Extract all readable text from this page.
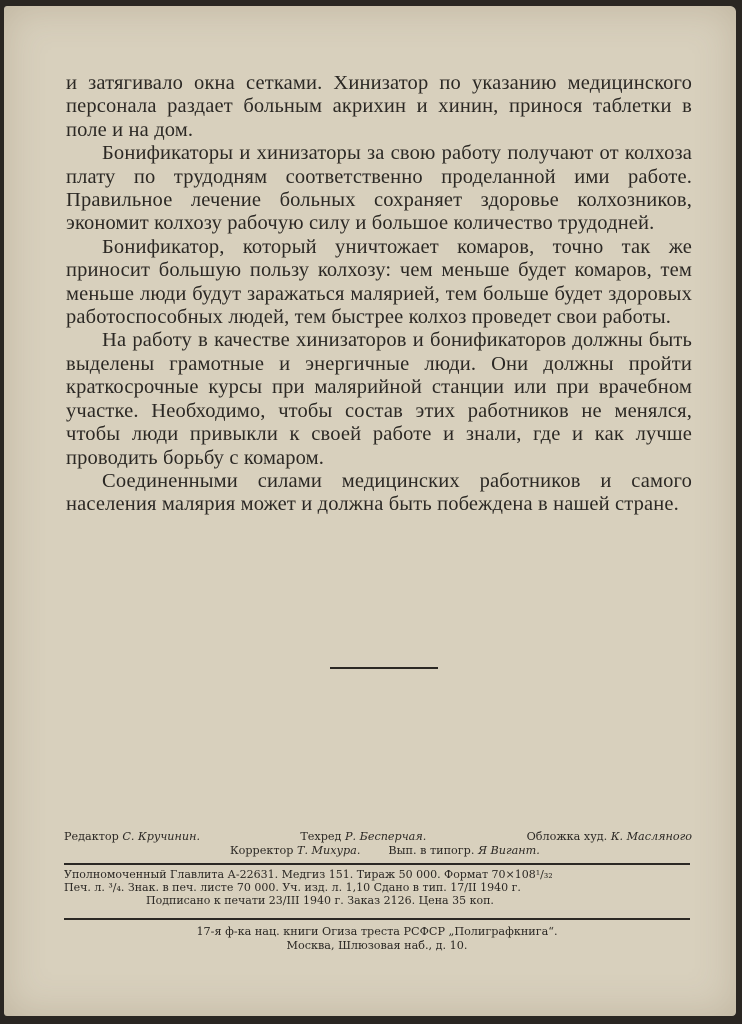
и затягивало окна сетками. Хинизатор по указанию медицинского персонала раздает больным акрихин и хинин, принося таблетки в поле и на дом.

Бонификаторы и хинизаторы за свою работу получают от колхоза плату по трудодням соответственно проделанной ими работе. Правильное лечение больных сохраняет здоровье колхозников, экономит колхозу рабочую силу и большое количество трудодней.

Бонификатор, который уничтожает комаров, точно так же приносит большую пользу колхозу: чем меньше будет комаров, тем меньше люди будут заражаться малярией, тем больше будет здоровых работоспособных людей, тем быстрее колхоз проведет свои работы.

На работу в качестве хинизаторов и бонификаторов должны быть выделены грамотные и энергичные люди. Они должны пройти краткосрочные курсы при малярийной станции или при врачебном участке. Необходимо, чтобы состав этих работников не менялся, чтобы люди привыкли к своей работе и знали, где и как лучше проводить борьбу с комаром.

Соединенными силами медицинских работников и самого населения малярия может и должна быть побеждена в нашей стране.

Редактор С. Кручинин.	Техред Р. Бесперчая.	Обложка худ. К. Масляного
Корректор Т. Михура.	Вып. в типогр. Я Вигант.
Уполномоченный Главлита А-22631. Медгиз 151. Тираж 50 000. Формат 70×108¹/₃₂
Печ. л. ³/₄. Знак. в печ. листе 70 000. Уч. изд. л. 1,10 Сдано в тип. 17/II 1940 г.
Подписано к печати 23/III 1940 г. Заказ 2126. Цена 35 коп.
17-я ф-ка нац. книги Огиза треста РСФСР „Полиграфкнига“.
Москва, Шлюзовая наб., д. 10.
